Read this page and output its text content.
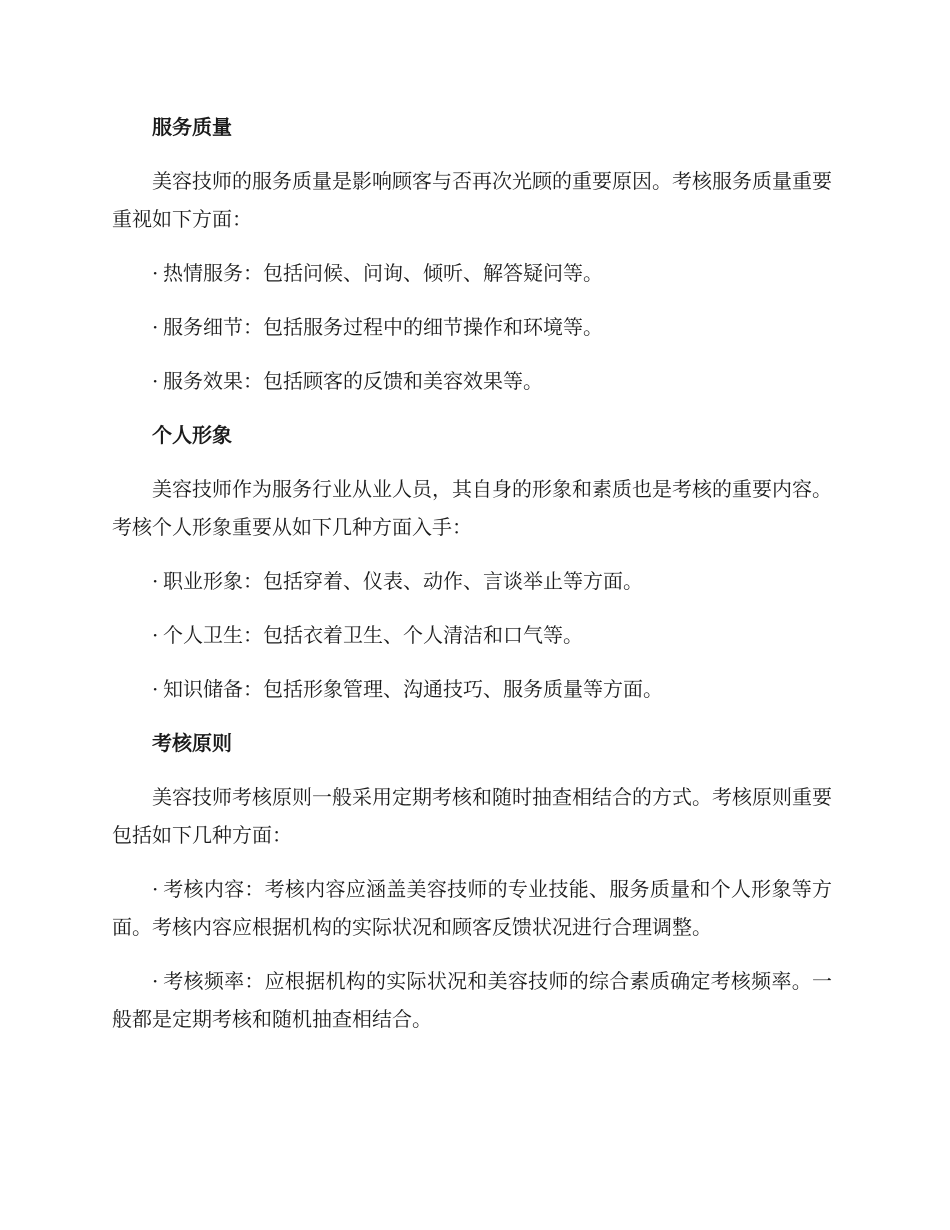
服务质量
美容技师的服务质量是影响顾客与否再次光顾的重要原因。考核服务质量重要重视如下方面：
· 热情服务：包括问候、问询、倾听、解答疑问等。
· 服务细节：包括服务过程中的细节操作和环境等。
· 服务效果：包括顾客的反馈和美容效果等。
个人形象
美容技师作为服务行业从业人员，其自身的形象和素质也是考核的重要内容。考核个人形象重要从如下几种方面入手：
· 职业形象：包括穿着、仪表、动作、言谈举止等方面。
· 个人卫生：包括衣着卫生、个人清洁和口气等。
· 知识储备：包括形象管理、沟通技巧、服务质量等方面。
考核原则
美容技师考核原则一般采用定期考核和随时抽查相结合的方式。考核原则重要包括如下几种方面：
· 考核内容：考核内容应涵盖美容技师的专业技能、服务质量和个人形象等方面。考核内容应根据机构的实际状况和顾客反馈状况进行合理调整。
· 考核频率：应根据机构的实际状况和美容技师的综合素质确定考核频率。一般都是定期考核和随机抽查相结合。
